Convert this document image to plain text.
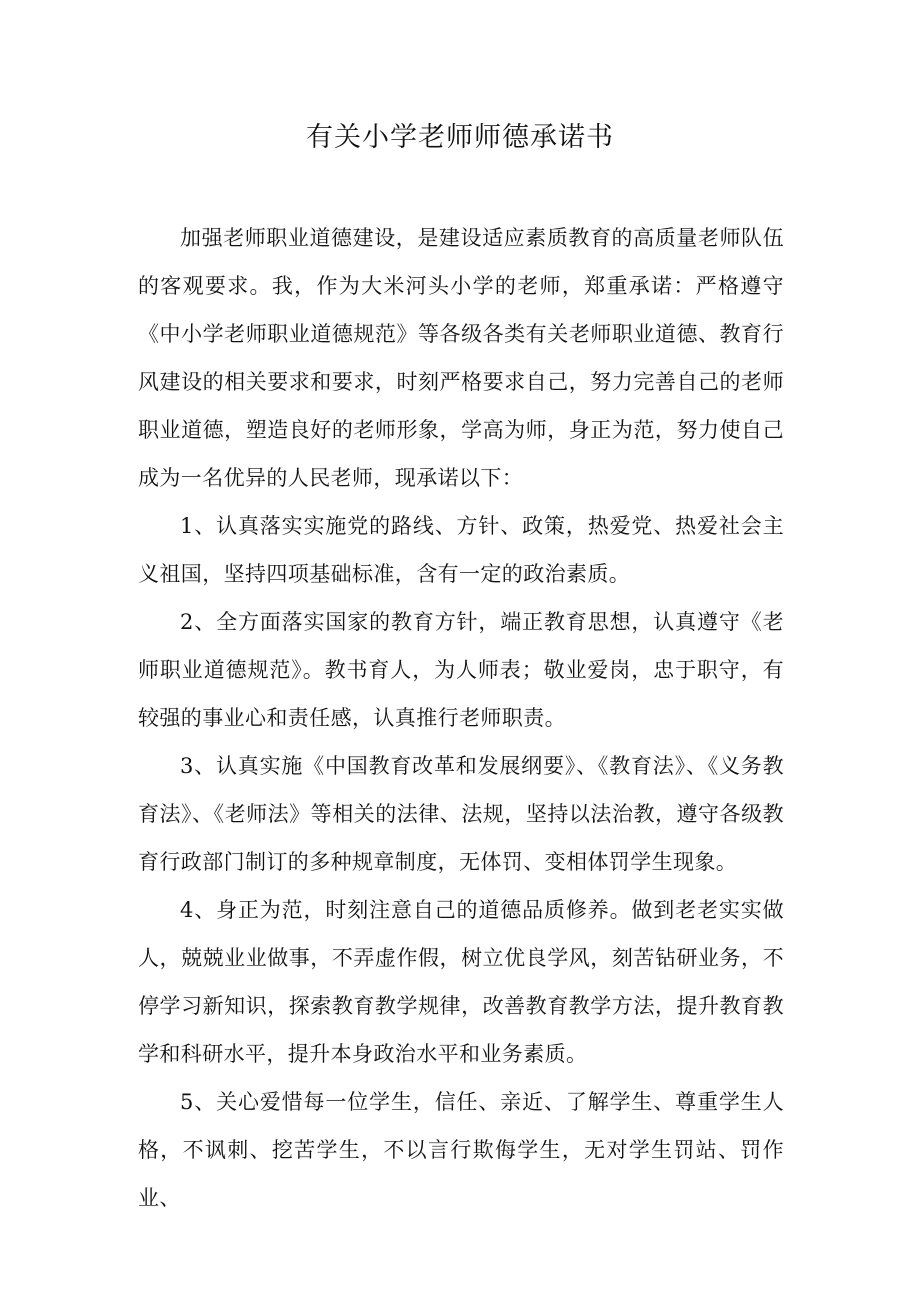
有关小学老师师德承诺书

加强老师职业道德建设，是建设适应素质教育的高质量老师队伍的客观要求。我，作为大米河头小学的老师，郑重承诺：严格遵守《中小学老师职业道德规范》等各级各类有关老师职业道德、教育行风建设的相关要求和要求，时刻严格要求自己，努力完善自己的老师职业道德，塑造良好的老师形象，学高为师，身正为范，努力使自己成为一名优异的人民老师，现承诺以下：

1、认真落实实施党的路线、方针、政策，热爱党、热爱社会主义祖国，坚持四项基础标准，含有一定的政治素质。

2、全方面落实国家的教育方针，端正教育思想，认真遵守《老师职业道德规范》。教书育人，为人师表；敬业爱岗，忠于职守，有较强的事业心和责任感，认真推行老师职责。

3、认真实施《中国教育改革和发展纲要》、《教育法》、《义务教育法》、《老师法》等相关的法律、法规，坚持以法治教，遵守各级教育行政部门制订的多种规章制度，无体罚、变相体罚学生现象。

4、身正为范，时刻注意自己的道德品质修养。做到老老实实做人，兢兢业业做事，不弄虚作假，树立优良学风，刻苦钻研业务，不停学习新知识，探索教育教学规律，改善教育教学方法，提升教育教学和科研水平，提升本身政治水平和业务素质。

5、关心爱惜每一位学生，信任、亲近、了解学生、尊重学生人格，不讽刺、挖苦学生，不以言行欺侮学生，无对学生罚站、罚作业、
